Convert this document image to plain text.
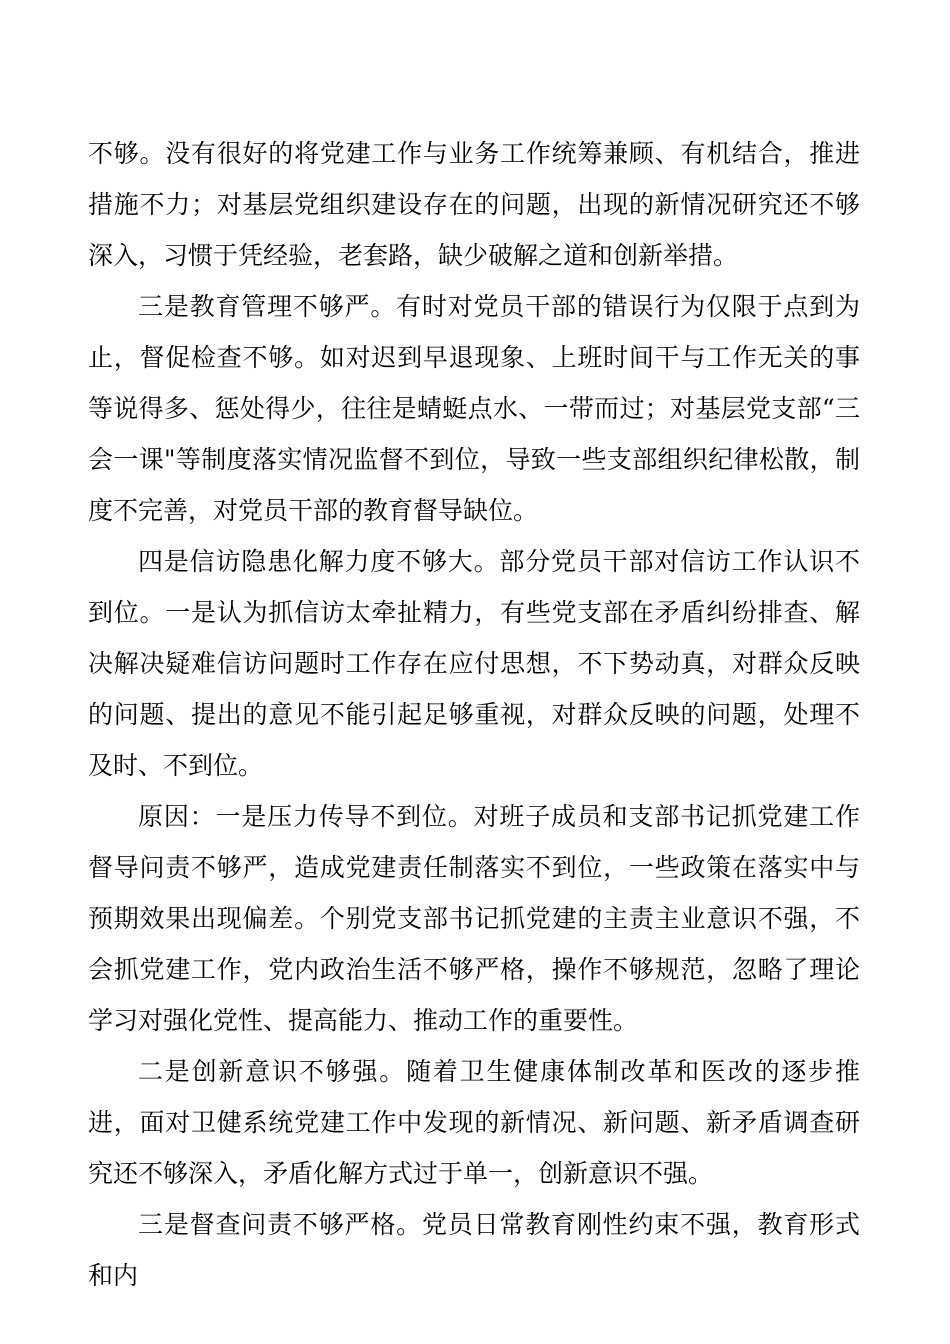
不够。没有很好的将党建工作与业务工作统筹兼顾、有机结合，推进措施不力；对基层党组织建设存在的问题，出现的新情况研究还不够深入，习惯于凭经验，老套路，缺少破解之道和创新举措。

三是教育管理不够严。有时对党员干部的错误行为仅限于点到为止，督促检查不够。如对迟到早退现象、上班时间干与工作无关的事等说得多、惩处得少，往往是蜻蜓点水、一带而过；对基层党支部“三会一课"等制度落实情况监督不到位，导致一些支部组织纪律松散，制度不完善，对党员干部的教育督导缺位。

四是信访隐患化解力度不够大。部分党员干部对信访工作认识不到位。一是认为抓信访太牵扯精力，有些党支部在矛盾纠纷排查、解决解决疑难信访问题时工作存在应付思想，不下势动真，对群众反映的问题、提出的意见不能引起足够重视，对群众反映的问题，处理不及时、不到位。

原因：一是压力传导不到位。对班子成员和支部书记抓党建工作督导问责不够严，造成党建责任制落实不到位，一些政策在落实中与预期效果出现偏差。个别党支部书记抓党建的主责主业意识不强，不会抓党建工作，党内政治生活不够严格，操作不够规范，忽略了理论学习对强化党性、提高能力、推动工作的重要性。

二是创新意识不够强。随着卫生健康体制改革和医改的逐步推进，面对卫健系统党建工作中发现的新情况、新问题、新矛盾调查研究还不够深入，矛盾化解方式过于单一，创新意识不强。

三是督查问责不够严格。党员日常教育刚性约束不强，教育形式和内
